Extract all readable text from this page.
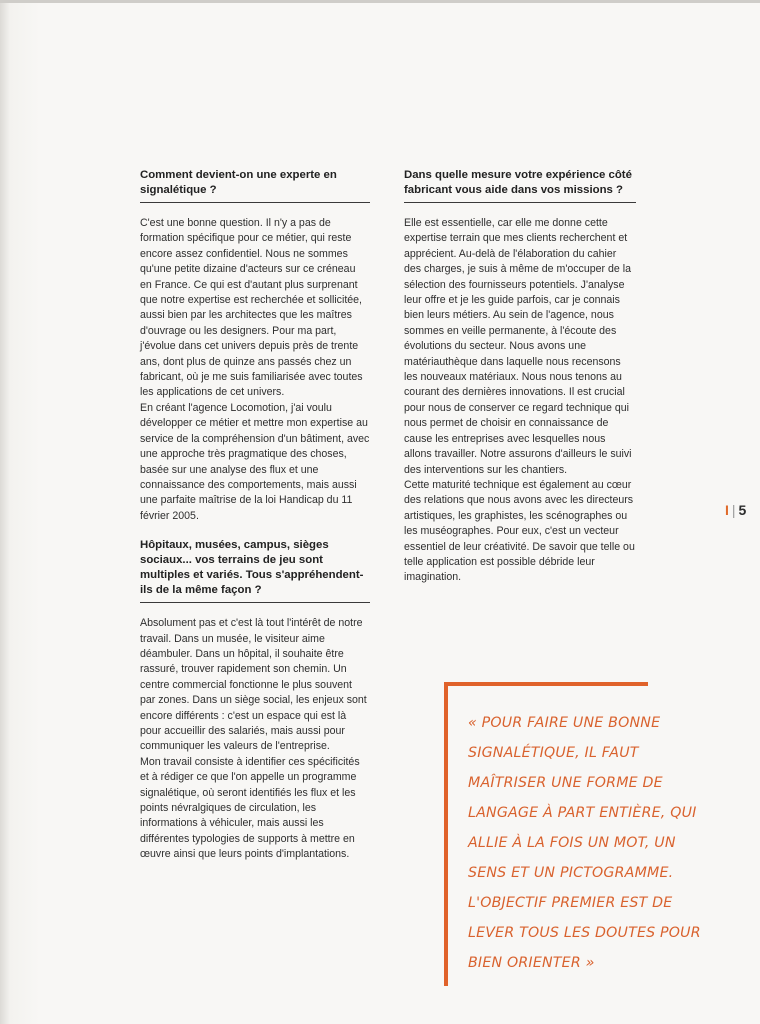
Comment devient-on une experte en signalétique ?

C'est une bonne question. Il n'y a pas de formation spécifique pour ce métier, qui reste encore assez confidentiel. Nous ne sommes qu'une petite dizaine d'acteurs sur ce créneau en France. Ce qui est d'autant plus surprenant que notre expertise est recherchée et sollicitée, aussi bien par les architectes que les maîtres d'ouvrage ou les designers. Pour ma part, j'évolue dans cet univers depuis près de trente ans, dont plus de quinze ans passés chez un fabricant, où je me suis familiarisée avec toutes les applications de cet univers.

En créant l'agence Locomotion, j'ai voulu développer ce métier et mettre mon expertise au service de la compréhension d'un bâtiment, avec une approche très pragmatique des choses, basée sur une analyse des flux et une connaissance des comportements, mais aussi une parfaite maîtrise de la loi Handicap du 11 février 2005.

Hôpitaux, musées, campus, sièges sociaux... vos terrains de jeu sont multiples et variés. Tous s'appréhendent-ils de la même façon ?

Absolument pas et c'est là tout l'intérêt de notre travail. Dans un musée, le visiteur aime déambuler. Dans un hôpital, il souhaite être rassuré, trouver rapidement son chemin. Un centre commercial fonctionne le plus souvent par zones. Dans un siège social, les enjeux sont encore différents : c'est un espace qui est là pour accueillir des salariés, mais aussi pour communiquer les valeurs de l'entreprise.

Mon travail consiste à identifier ces spécificités et à rédiger ce que l'on appelle un programme signalétique, où seront identifiés les flux et les points névralgiques de circulation, les informations à véhiculer, mais aussi les différentes typologies de supports à mettre en œuvre ainsi que leurs points d'implantations.

Dans quelle mesure votre expérience côté fabricant vous aide dans vos missions ?

Elle est essentielle, car elle me donne cette expertise terrain que mes clients recherchent et apprécient. Au-delà de l'élaboration du cahier des charges, je suis à même de m'occuper de la sélection des fournisseurs potentiels. J'analyse leur offre et je les guide parfois, car je connais bien leurs métiers. Au sein de l'agence, nous sommes en veille permanente, à l'écoute des évolutions du secteur. Nous avons une matériauthèque dans laquelle nous recensons les nouveaux matériaux. Nous nous tenons au courant des dernières innovations. Il est crucial pour nous de conserver ce regard technique qui nous permet de choisir en connaissance de cause les entreprises avec lesquelles nous allons travailler. Notre assurons d'ailleurs le suivi des interventions sur les chantiers.

Cette maturité technique est également au cœur des relations que nous avons avec les directeurs artistiques, les graphistes, les scénographes ou les muséographes. Pour eux, c'est un vecteur essentiel de leur créativité. De savoir que telle ou telle application est possible débride leur imagination.

I | 5

« POUR FAIRE UNE BONNE SIGNALÉTIQUE, IL FAUT MAÎTRISER UNE FORME DE LANGAGE À PART ENTIÈRE, QUI ALLIE À LA FOIS UN MOT, UN SENS ET UN PICTOGRAMME. L'OBJECTIF PREMIER EST DE LEVER TOUS LES DOUTES POUR BIEN ORIENTER »
